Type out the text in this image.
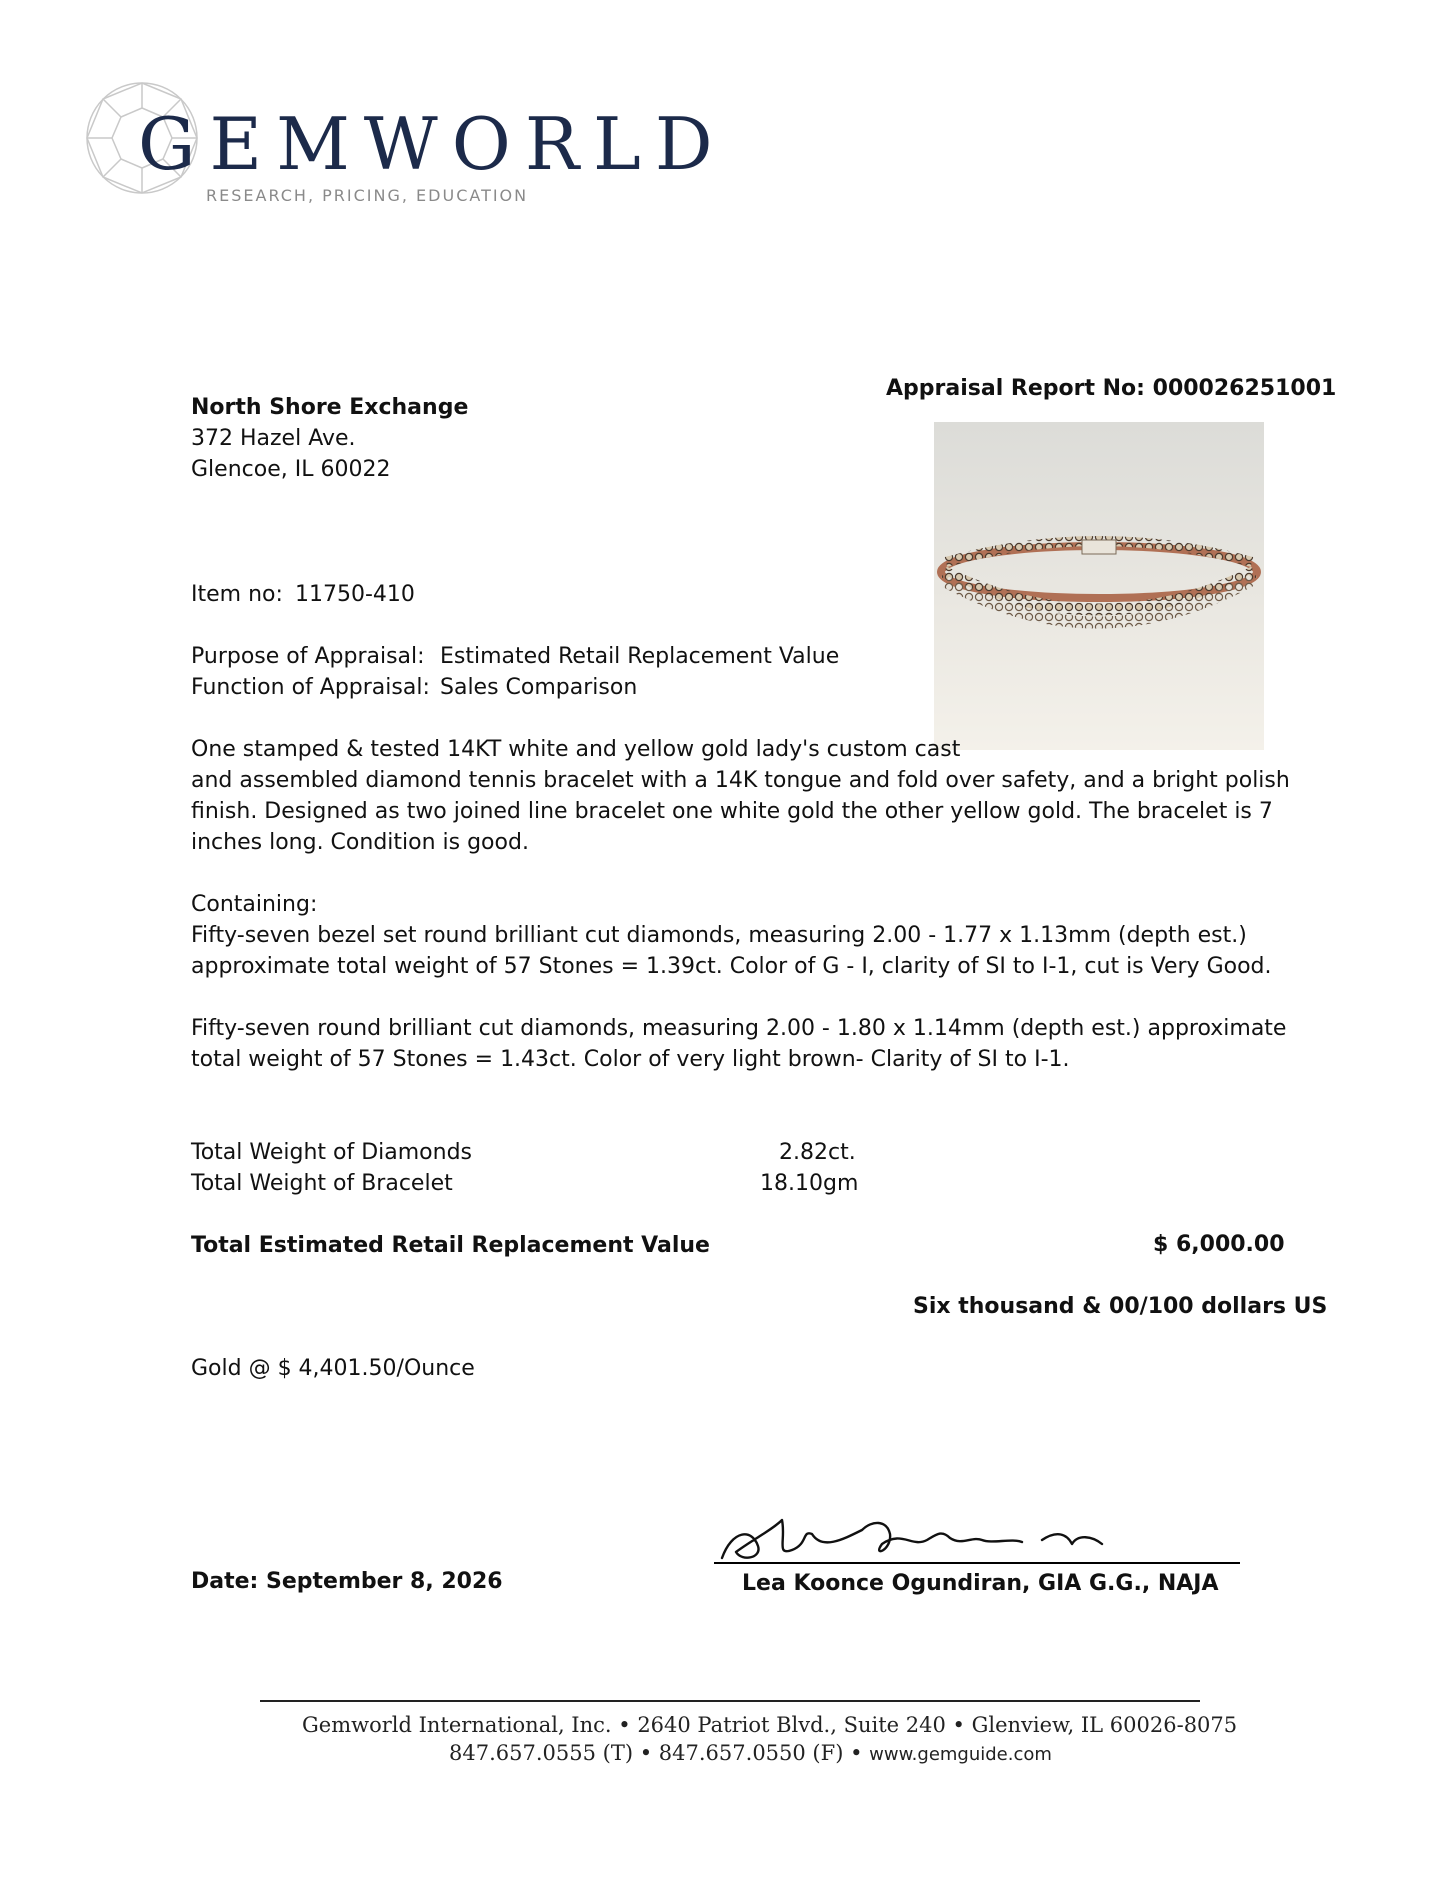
GEMWORLD
RESEARCH, PRICING, EDUCATION
Appraisal Report No: 000026251001
North Shore Exchange
372 Hazel Ave.
Glencoe, IL 60022
Item no: 11750-410
Purpose of Appraisal: Estimated Retail Replacement Value
Function of Appraisal: Sales Comparison
One stamped & tested 14KT white and yellow gold lady's custom cast
and assembled diamond tennis bracelet with a 14K tongue and fold over safety, and a bright polish
finish. Designed as two joined line bracelet one white gold the other yellow gold. The bracelet is 7
inches long. Condition is good.
Containing:
Fifty-seven bezel set round brilliant cut diamonds, measuring 2.00 - 1.77 x 1.13mm (depth est.)
approximate total weight of 57 Stones = 1.39ct. Color of G - I, clarity of SI to I-1, cut is Very Good.
Fifty-seven round brilliant cut diamonds, measuring 2.00 - 1.80 x 1.14mm (depth est.) approximate
total weight of 57 Stones = 1.43ct. Color of very light brown- Clarity of SI to I-1.
Total Weight of Diamonds	2.82ct.
Total Weight of Bracelet	18.10gm
Total Estimated Retail Replacement Value	$ 6,000.00
Six thousand & 00/100 dollars US
Gold @ $ 4,401.50/Ounce
Date: September 8, 2026	Lea Koonce Ogundiran, GIA G.G., NAJA
Gemworld International, Inc. • 2640 Patriot Blvd., Suite 240 • Glenview, IL 60026-8075
847.657.0555 (T) • 847.657.0550 (F) • www.gemguide.com
